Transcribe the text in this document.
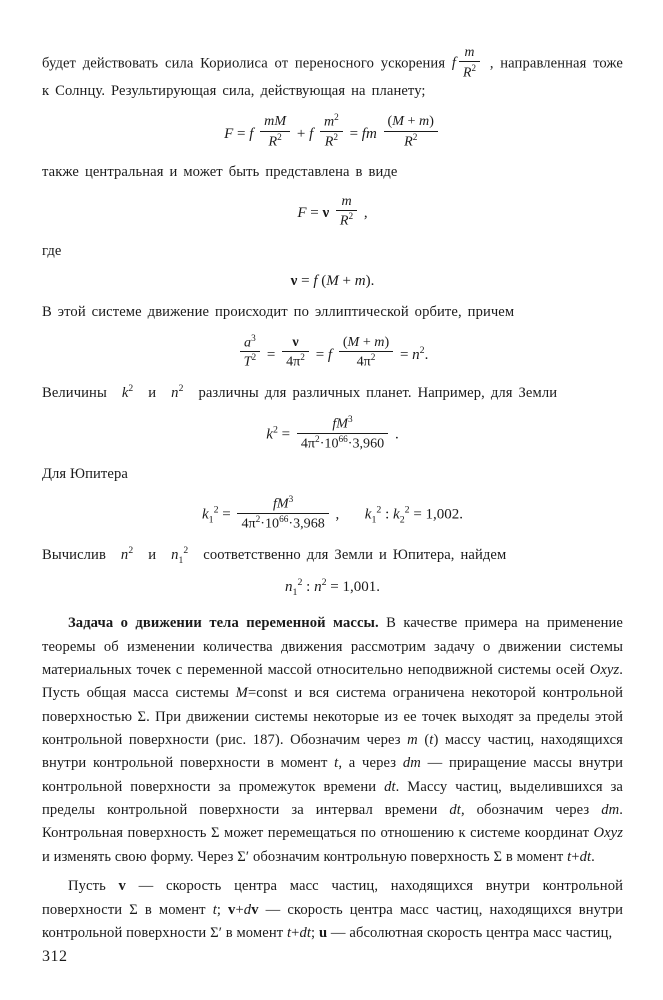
будет действовать сила Кориолиса от переносного ускорения f $\frac{m}{R^2}$ , направленная тоже к Солнцу. Результирующая сила, действующая на планету;

F = f $\frac{mM}{R^2} + f \frac{m^2}{R^2}$ = fm $\frac{(M + m)}{R^2}$

также центральная и может быть представлена в виде

F = ν $\frac{m}{R^2}$ ,

где

ν = f (M + m).

В этой системе движение происходит по эллиптической орбите, причем

$\frac{a^3}{T^2} = \frac{\nu}{4\pi^2} = f \frac{(M + m)}{4\pi^2} = n^2$.

Величины $k^2$ и $n^2$ различны для различных планет. Например, для Земли

$k^2 = \frac{fM^3}{4\pi^2\cdot 10^{66}\cdot 3,960}$ .

Для Юпитера

$k_1^2 = \frac{fM^3}{4\pi^2\cdot 10^{66}\cdot 3,968}$ ,  $k_1^2$ : $k_2^2 = 1,002$.

Вычислив $n^2$ и $n_1^2$ соответственно для Земли и Юпитера, найдем

$n_1^2$ : $n^2 = 1,001$.

Задача о движении тела переменной массы. В качестве примера на применение теоремы об изменении количества движения рассмотрим задачу о движении системы материальных точек с переменной массой относительно неподвижной системы осей Oxyz. Пусть общая масса системы M=const и вся система ограничена некоторой контрольной поверхностью Σ. При движении системы некоторые из ее точек выходят за пределы этой контрольной поверхности (рис. 187). Обозначим через m (t) массу частиц, находящихся внутри контрольной поверхности в момент t, а через dm — приращение массы внутри контрольной поверхности за промежуток времени dt. Массу частиц, выделившихся за пределы контрольной поверхности за интервал времени dt, обозначим через dm. Контрольная поверхность Σ может перемещаться по отношению к системе координат Oxyz и изменять свою форму. Через Σ′ обозначим контрольную поверхность Σ в момент t+dt.

Пусть v — скорость центра масс частиц, находящихся внутри контрольной поверхности Σ в момент t; v+dv — скорость центра масс частиц, находящихся внутри контрольной поверхности Σ′ в момент t+dt; u — абсолютная скорость центра масс частиц,

312
